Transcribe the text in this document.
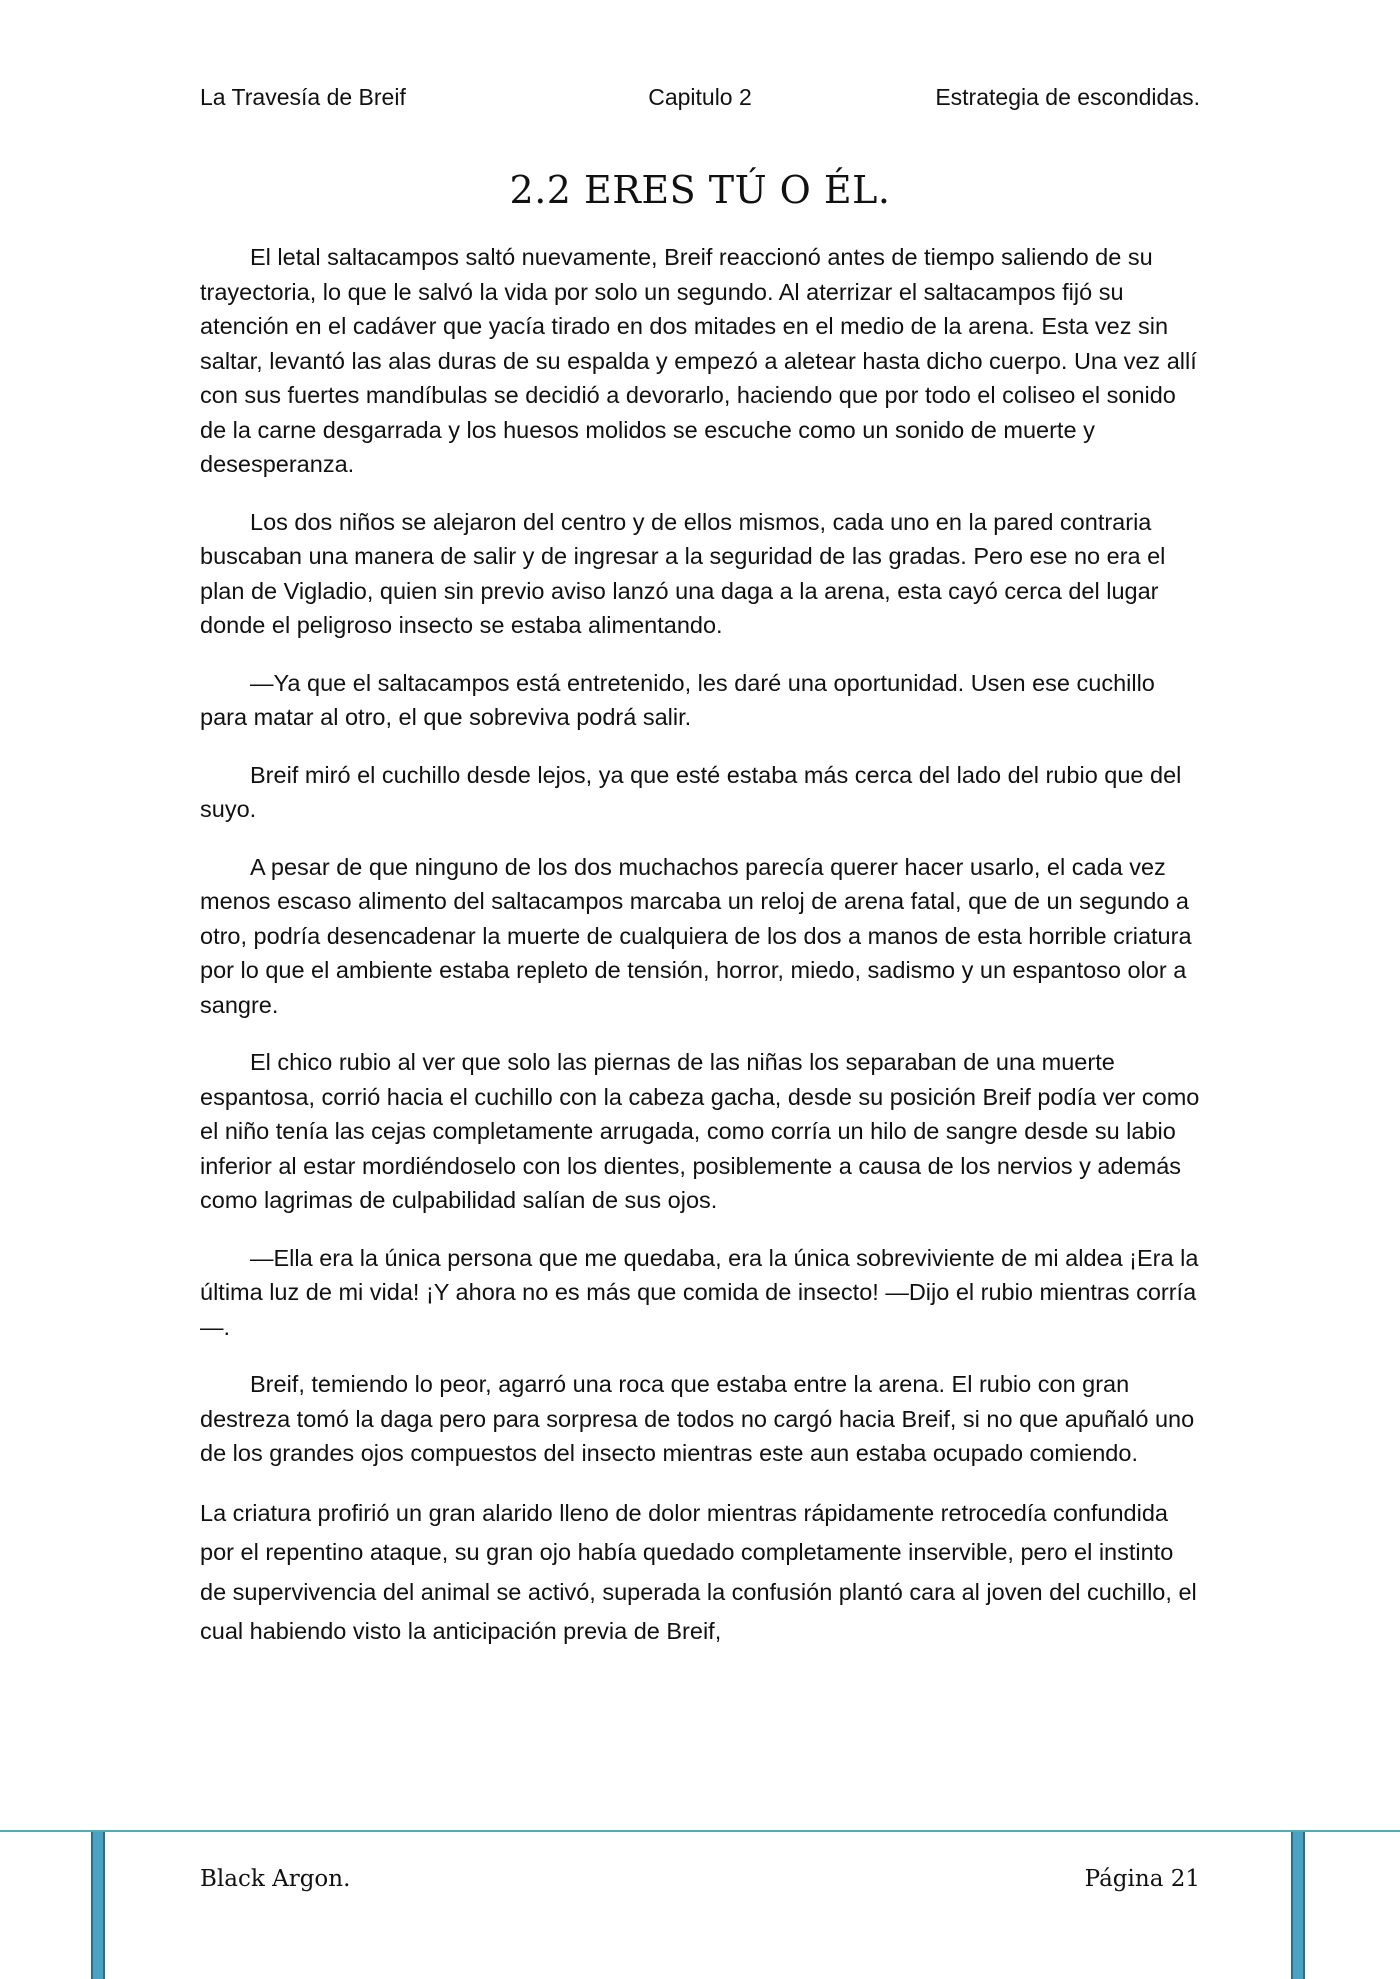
La Travesía de Breif	Capitulo 2	Estrategia de escondidas.
2.2 ERES TÚ O ÉL.

El letal saltacampos saltó nuevamente, Breif reaccionó antes de tiempo saliendo de su trayectoria, lo que le salvó la vida por solo un segundo. Al aterrizar el saltacampos fijó su atención en el cadáver que yacía tirado en dos mitades en el medio de la arena. Esta vez sin saltar, levantó las alas duras de su espalda y empezó a aletear hasta dicho cuerpo. Una vez allí con sus fuertes mandíbulas se decidió a devorarlo, haciendo que por todo el coliseo el sonido de la carne desgarrada y los huesos molidos se escuche como un sonido de muerte y desesperanza.

Los dos niños se alejaron del centro y de ellos mismos, cada uno en la pared contraria buscaban una manera de salir y de ingresar a la seguridad de las gradas. Pero ese no era el plan de Vigladio, quien sin previo aviso lanzó una daga a la arena, esta cayó cerca del lugar donde el peligroso insecto se estaba alimentando.

—Ya que el saltacampos está entretenido, les daré una oportunidad. Usen ese cuchillo para matar al otro, el que sobreviva podrá salir.

Breif miró el cuchillo desde lejos, ya que esté estaba más cerca del lado del rubio que del suyo.

A pesar de que ninguno de los dos muchachos parecía querer hacer usarlo, el cada vez menos escaso alimento del saltacampos marcaba un reloj de arena fatal, que de un segundo a otro, podría desencadenar la muerte de cualquiera de los dos a manos de esta horrible criatura por lo que el ambiente estaba repleto de tensión, horror, miedo, sadismo y un espantoso olor a sangre.

El chico rubio al ver que solo las piernas de las niñas los separaban de una muerte espantosa, corrió hacia el cuchillo con la cabeza gacha, desde su posición Breif podía ver como el niño tenía las cejas completamente arrugada, como corría un hilo de sangre desde su labio inferior al estar mordiéndoselo con los dientes, posiblemente a causa de los nervios y además como lagrimas de culpabilidad salían de sus ojos.

—Ella era la única persona que me quedaba, era la única sobreviviente de mi aldea ¡Era la última luz de mi vida! ¡Y ahora no es más que comida de insecto! —Dijo el rubio mientras corría—.

Breif, temiendo lo peor, agarró una roca que estaba entre la arena. El rubio con gran destreza tomó la daga pero para sorpresa de todos no cargó hacia Breif, si no que apuñaló uno de los grandes ojos compuestos del insecto mientras este aun estaba ocupado comiendo.

La criatura profirió un gran alarido lleno de dolor mientras rápidamente retrocedía confundida por el repentino ataque, su gran ojo había quedado completamente inservible, pero el instinto de supervivencia del animal se activó, superada la confusión plantó cara al joven del cuchillo, el cual habiendo visto la anticipación previa de Breif,

Black Argon.	Página 21
